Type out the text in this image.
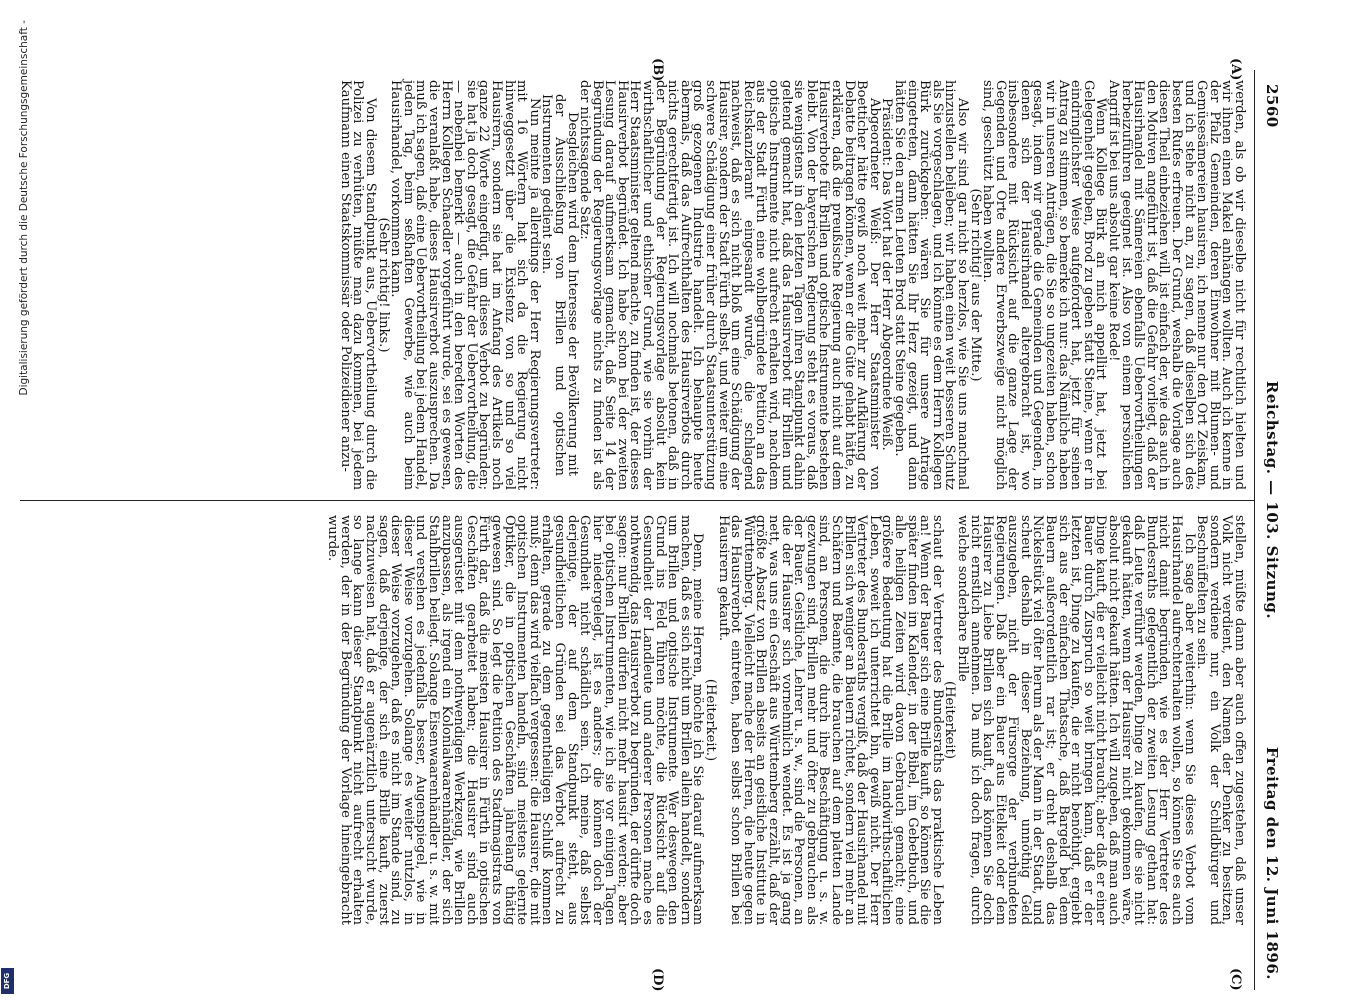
2560
Reichstag. — 103. Sitzung.
Freitag den 12. Juni 1896.
(A)
(B)
(C)
(D)

werden, als ob wir dieselbe nicht für rechtlich hielten und wir ihnen einen Makel anhängen wollten. Auch ich kenne in der Pfalz Gemeinden, deren Einwohner mit Blumen- und Gemüsesämereien hausiren, ich nenne nur den Ort Zeiskam, und ich stehe nicht an, zu sagen, daß dieselben sich des besten Rufes erfreuen. Der Grund, weshalb die Vorlage auch diesen Theil einbeziehen will, ist einfach der, wie das auch in den Motiven angeführt ist, daß die Gefahr vorliegt, daß der Hausirhandel mit Sämereien ebenfalls Uebervortheilungen herbeizuführen geeignet ist. Also von einem persönlichen Angriff ist bei uns absolut gar keine Rede!

Wenn Kollege Bürk an mich appellirt hat, jetzt bei Gelegenheit gegeben, Brod zu geben statt Steine, wenn er in eindringlichster Weise aufgefordert hat, jetzt für seinen Antrag zu stimmen, so bemerke ich nur: das Nämliche haben wir in unseren Anträgen, die Sie so ungezeiten haben, schon gesagt, indem wir gerade die Gemeinden und Gegenden, in denen sich der Hausirhandel altergebracht ist, wo insbesondere mit Rücksicht auf die ganze Lage der Gegenden und Orte andere Erwerbszweige nicht möglich sind, geschützt haben wollten.

(Sehr richtig! aus der Mitte.)

Also wir sind gar nicht so herzlos, wie Sie uns manchmal hinzustellen belieben; wir haben einen weit besseren Schutz als Sie vorgeschlagen, und ich könnte es dem Herrn Kollegen Bürk zurückgeben: wären Sie für unsere Anträge eingetreten, dann hätten Sie Ihr Herz gezeigt, und dann hätten Sie den armen Leuten Brod statt Steine gegeben.

Präsident: Das Wort hat der Herr Abgeordnete Weiß.

Abgeordneter Weiß: Der Herr Staatsminister von Boetticher hätte gewiß noch weit mehr zur Aufklärung der Debatte beitragen können, wenn er die Güte gehabt hätte, zu erklären, daß die preußische Regierung auch nicht auf dem Hausirverbote für Brillen und optische Instrumente bestehen bleibt. Von der bayerischen Regierung steht es voraus, daß sie wenigstens in den letzten Tagen ihren Standpunkt dahin geltend gemacht hat, daß das Hausirverbot für Brillen und optische Instrumente nicht aufrecht erhalten wird, nachdem aus der Stadt Fürth eine wohlbegründete Petition an das Reichskanzleramt eingesandt wurde, die schlagend nachweist, daß es sich nicht bloß um eine Schädigung der Hausirer, sondern der Stadt Fürth selbst, und weiter um eine schwere Schädigung einer früher durch Staatsunterstützung groß gezogenen Industrie handelt. Ich behaupte heute abermals, daß das Aufrechthalten des Hausirverbots durch nichts gerechtfertigt ist. Ich will nochmals betonen, daß in der Begründung der Regierungsvorlage absolut kein wirthschaftlicher und ethischer Grund, wie sie vorhin der Herr Staatsminister geltend machte, zu finden ist, der dieses Hausirverbot begründet. Ich habe schon bei der zweiten Lesung darauf aufmerksam gemacht, daß Seite 14 der Begründung der Regierungsvorlage nichts zu finden ist als der nichtssagende Satz:

Desgleichen wird dem Interesse der Bevölkerung mit der Ausschließung von Brillen und optischen Instrumenten gedient sein.

Nun meinte ja allerdings der Herr Regierungsvertreter: mit 16 Wörtern hat sich da die Regierung nicht hinweggesetzt über die Existenz von so und so viel Hausirern, sondern sie hat im Anfang des Artikels noch ganze 22 Worte eingefügt, um dieses Verbot zu begründen; sie hat ja doch gesagt, die Gefahr der Uebervortheilung, die — nebenbei bemerkt — auch in den beredten Worten des Herrn Kollegen Schaedler vorgeführt wurde, sei es gewesen, die veranlaßt habe, dieses Hausirverbot auszusprechen. Da muß ich sagen, daß eine Uebervortheilung bei jedem Handel, jeden Tag, beim seßhaften Gewerbe, wie auch beim Hausirhandel, vorkommen kann.

(Sehr richtig! links.)

Von diesem Standpunkt aus, Uebervortheilung durch die Polizei zu verhüten, müßte man dazu kommen, bei jedem Kaufmann einen Staatskommissär oder Polizeidiener anzu-

stellen, müßte dann aber auch offen zugestehen, daß unser Volk nicht verdient, den Namen der Denker zu besitzen, sondern verdiene nur, ein Volk der Schildbürger und Beschnüffelten zu sein.

Ich sage aber weiterhin: wenn Sie dieses Verbot vom Hausirhandel aufrechterhalten wollen, so können Sie es auch nicht damit begründen, wie es der Herr Vertreter des Bundesraths gelegentlich der zweiten Lesung gethan hat: daß Leute verführt werden, Dinge zu kaufen, die sie nicht gekauft hätten, wenn der Hausirer nicht gekommen wäre, absolut nicht gekauft hätten. Ich will zugeben, daß man auch Dinge kauft, die er vielleicht nicht braucht; aber daß er einer Bauer durch Zuspruch so weit bringen kann, daß er der letzten ist, Dinge zu kaufen, die er nicht benöthigt, ergiebt sich aus der einfachen Thatsache, daß Bargeld bei dem Bauern außerordentlich rar ist; er dreht deshalb das Nickelstück viel öfter herum als der Mann in der Stadt, und scheut deshalb in dieser Beziehung, unnöthig Geld auszugeben, nicht der Fürsorge der verbündeten Regierungen. Daß aber ein Bauer aus Eitelkeit oder dem Hausirer zu Liebe Brillen sich kauft, das können Sie doch nicht ernstlich annehmen. Da muß ich doch fragen, durch welche sonderbare Brille

(Heiterkeit)

schaut der Vertreter des Bundesraths das praktische Leben an! Wenn der Bauer sich eine Brille kauft, so können Sie die später finden im Kalender, in der Bibel, im Gebetbuch, und alle heiligen Zeiten wird davon Gebrauch gemacht; eine größere Bedeutung hat die Brille im landwirthschaftlichen Leben, soweit ich unterrichtet bin, gewiß nicht. Der Herr Vertreter des Bundesraths vergißt, daß der Hausirhandel mit Brillen sich weniger an Bauern richtet, sondern viel mehr an Schäfern und Beamte, die brauchen auf dem platten Lande sind, an Personen, die durch ihre Beschäftigung u. s. w. gezwungen sind, Brillen mehr und öfter zu gebrauchen als der Bauer. Geistliche, Lehrer u. s. w., sind die Personen, an die der Hausirer sich vornehmlich wendet. Es ist ja gang nett, was uns ein Geschäft aus Württemberg erzählt, daß der größte Absatz von Brillen abseits an geistliche Institute in Württemberg. Vielleicht mache der Herren, die heute gegen das Hausirverbot eintreten, haben selbst schon Brillen bei Hausirern gekauft.

(Heiterkeit.)

Denn, meine Herren, möchte ich Sie darauf aufmerksam machen, daß es sich nicht um Brillen allein handelt, sondern um Brillen und optische Instrumente. Wer deswegen den Grund ins Feld führen möchte, die Rücksicht auf die Gesundheit der Landleute und anderer Personen mache es nothwendig, das Hausirverbot zu begründen, der dürfte doch sagen: nur Brillen dürfen nicht mehr hausirt werden; aber bei optischen Instrumenten, wie ich sie vor einigen Tagen hier niedergelegt, ist es anders; die können doch der Gesundheit nicht schädlich sein. Ich meine, daß selbst derjenige, der auf dem Standpunkt steht, aus gesundheitlichen Gründen sei das Verbot aufrecht zu erhalten, gerade zu dem gegentheiligen Schluß kommen muß; denn das wird vielfach vergessen: die Hausirer, die mit optischen Instrumenten handeln, sind meistens gelernte Optiker, die in optischen Geschäften jahrelang thätig gewesen sind. So legt die Petition des Stadtmagistrats von Fürth dar, daß die meisten Hausirer in Fürth in optischen Geschäften gearbeitet haben; die Hausirer sind auch ausgerüstet mit dem nothwendigen Werkzeug, wie Brillen anzupassen, als irgend ein Kolonialwaarenhändler, der sich Stahlbrillen beilegt. Solange Eisenwaarenhändler u. s. w. mit und versehen es jedenfalls besser, Augenspiegel, wie in dieser Weise vorzugehen. Solange es weiter nutzlos, in dieser Weise vorzugehen, daß es nicht im Stande sind, zu sagen, daß derjenige, der sich eine Brille kauft, zuerst nachzuweisen hat, daß er augenärztlich untersucht wurde, so lange kann dieser Standpunkt nicht aufrecht erhalten werden, der in der Begründung der Vorlage hineingebracht wurde.

Digitalisierung gefördert durch die Deutsche Forschungsgemeinschaft -
DFG
